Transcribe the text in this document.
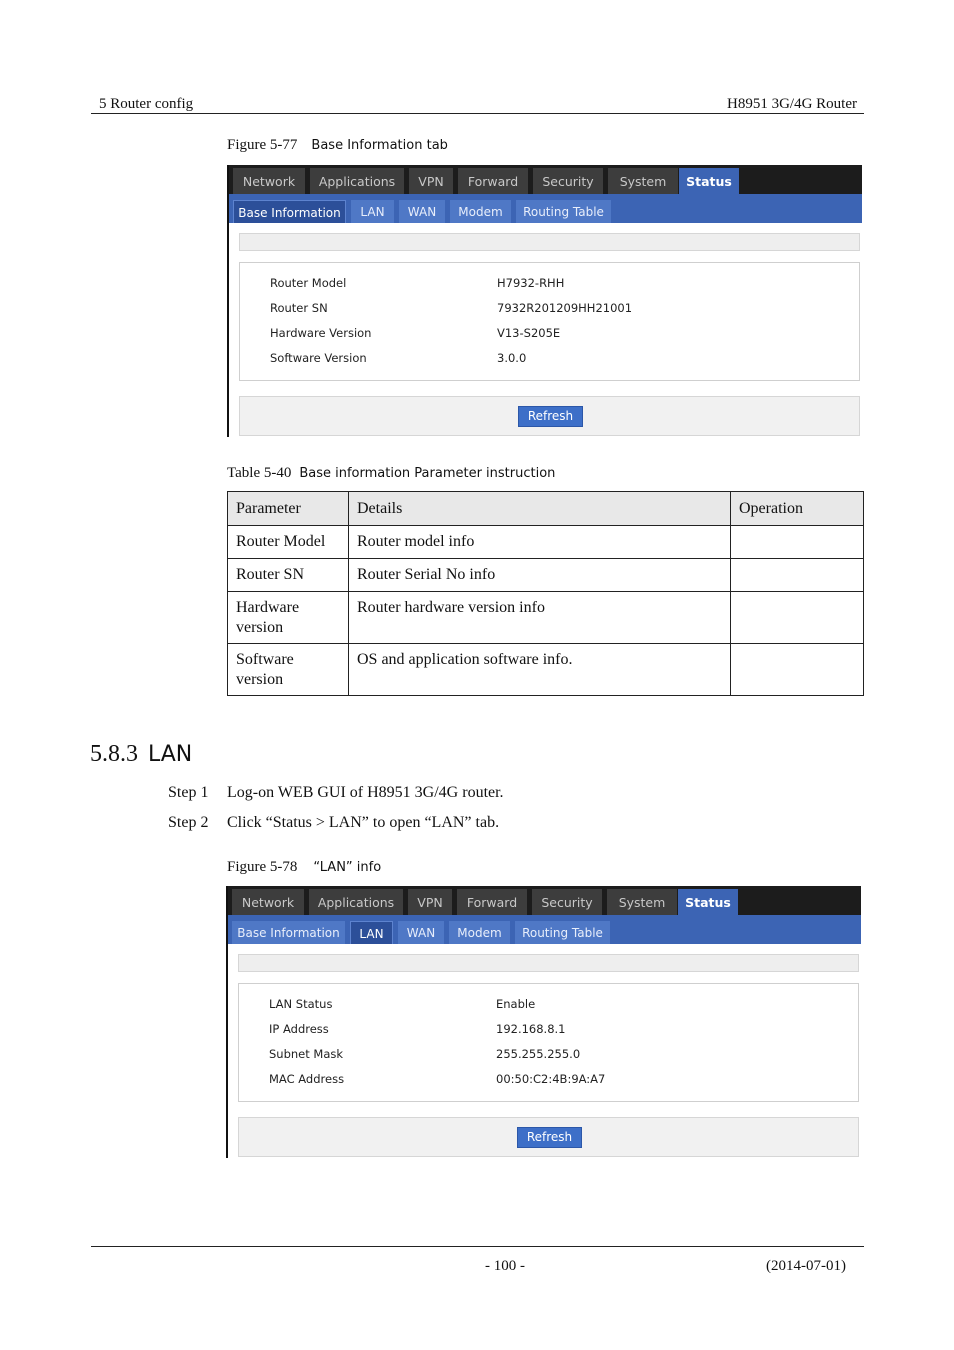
5 Router config	H8951 3G/4G Router
Figure 5-77 Base Information tab
Network	Applications	VPN	Forward	Security	System	Status
Base Information	LAN	WAN	Modem	Routing Table
Router Model	H7932-RHH
Router SN	7932R201209HH21001
Hardware Version	V13-S205E
Software Version	3.0.0
Refresh
Table 5-40 Base information Parameter instruction
Parameter	Details	Operation
Router Model	Router model info	
Router SN	Router Serial No info	
Hardware version	Router hardware version info	
Software version	OS and application software info.	
5.8.3 LAN
Step 1 Log-on WEB GUI of H8951 3G/4G router.
Step 2 Click “Status > LAN” to open “LAN” tab.
Figure 5-78 “LAN” info
Network	Applications	VPN	Forward	Security	System	Status
Base Information	LAN	WAN	Modem	Routing Table
LAN Status	Enable
IP Address	192.168.8.1
Subnet Mask	255.255.255.0
MAC Address	00:50:C2:4B:9A:A7
Refresh
- 100 -	(2014-07-01)
